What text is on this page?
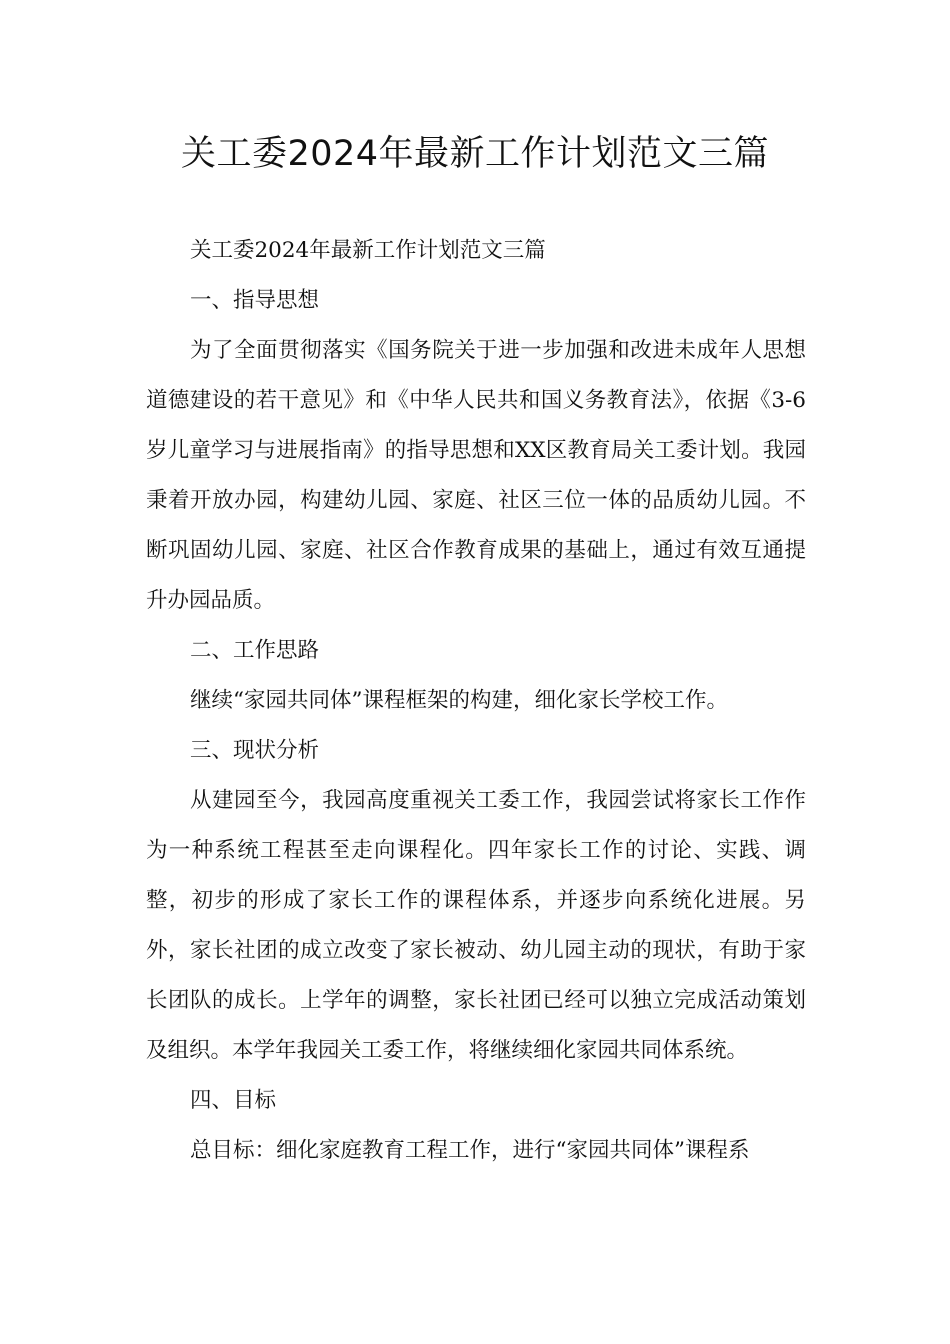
关工委2024年最新工作计划范文三篇

关工委2024年最新工作计划范文三篇

一、指导思想

为了全面贯彻落实《国务院关于进一步加强和改进未成年人思想道德建设的若干意见》和《中华人民共和国义务教育法》，依据《3-6岁儿童学习与进展指南》的指导思想和XX区教育局关工委计划。我园秉着开放办园，构建幼儿园、家庭、社区三位一体的品质幼儿园。不断巩固幼儿园、家庭、社区合作教育成果的基础上，通过有效互通提升办园品质。

二、工作思路

继续“家园共同体”课程框架的构建，细化家长学校工作。

三、现状分析

从建园至今，我园高度重视关工委工作，我园尝试将家长工作作为一种系统工程甚至走向课程化。四年家长工作的讨论、实践、调整，初步的形成了家长工作的课程体系，并逐步向系统化进展。另外，家长社团的成立改变了家长被动、幼儿园主动的现状，有助于家长团队的成长。上学年的调整，家长社团已经可以独立完成活动策划及组织。本学年我园关工委工作，将继续细化家园共同体系统。

四、目标

总目标：细化家庭教育工程工作，进行“家园共同体”课程系
